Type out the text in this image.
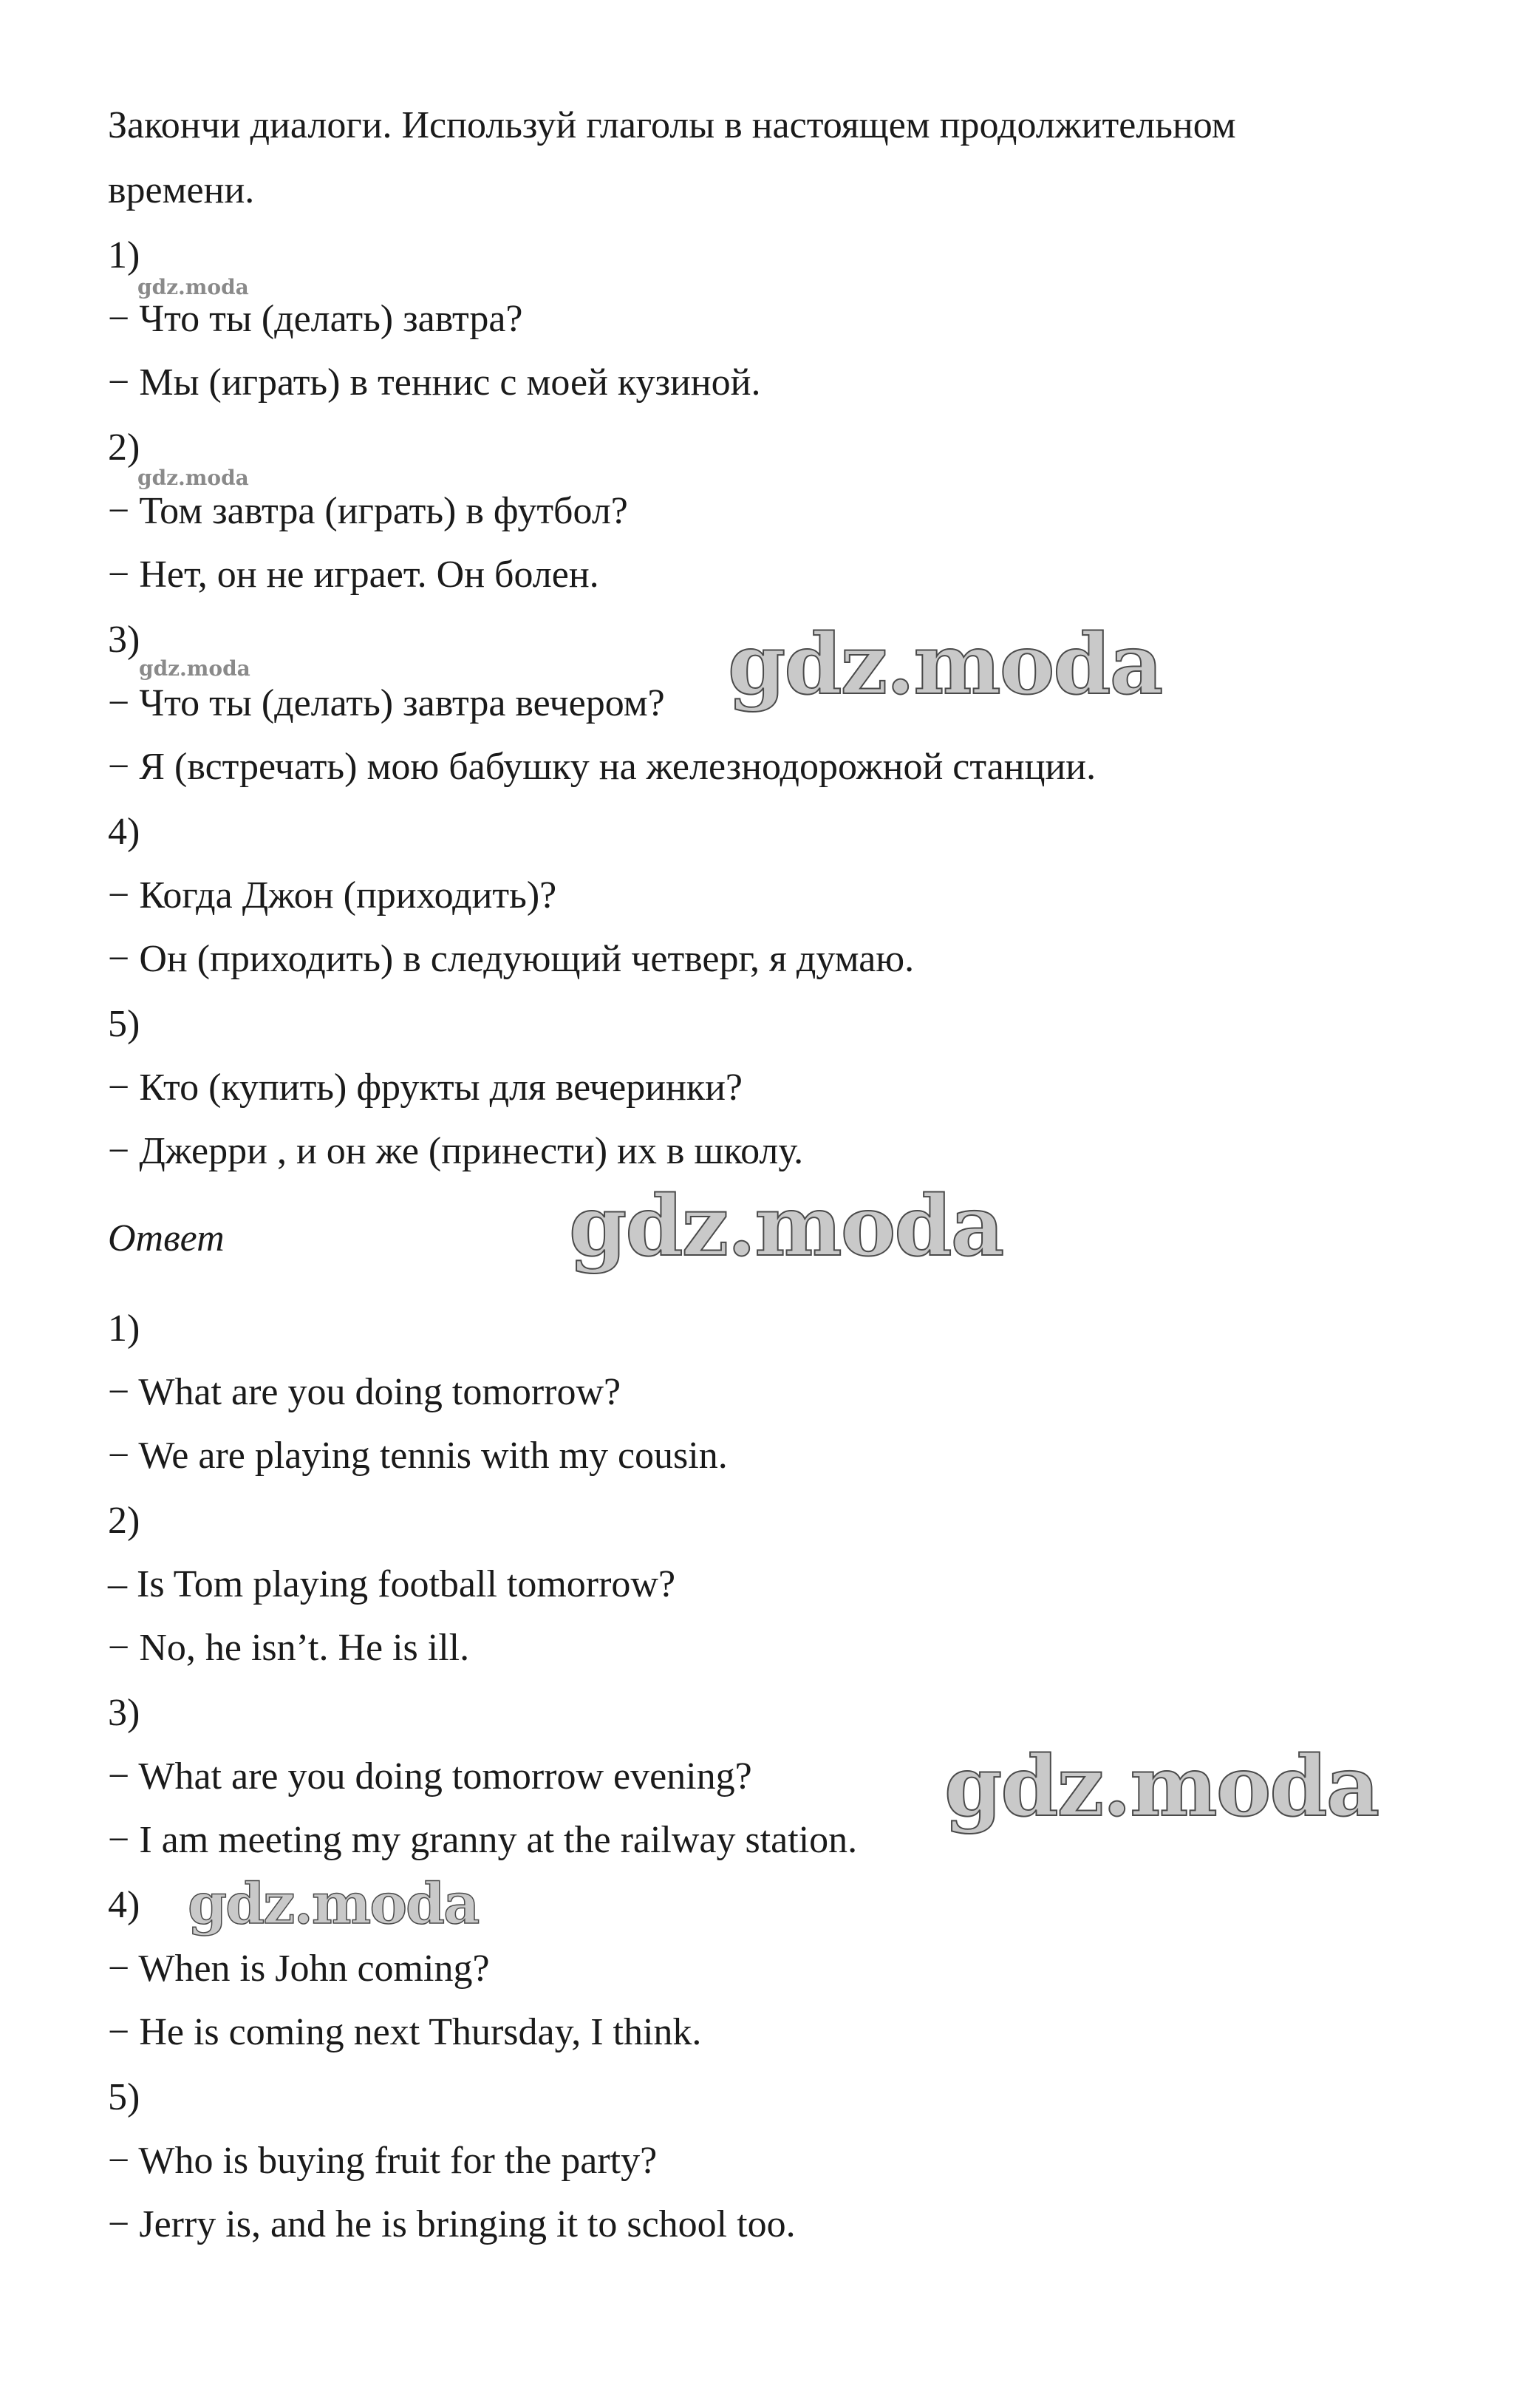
Закончи диалоги. Используй глаголы в настоящем продолжительном
времени.
1)
− Что ты (делать) завтра?
− Мы (играть) в теннис с моей кузиной.
2)
− Том завтра (играть) в футбол?
− Нет, он не играет. Он болен.
3)
− Что ты (делать) завтра вечером?
− Я (встречать) мою бабушку на железнодорожной станции.
4)
− Когда Джон (приходить)?
− Он (приходить) в следующий четверг, я думаю.
5)
− Кто (купить) фрукты для вечеринки?
− Джерри , и он же (принести) их в школу.
Ответ
1)
− What are you doing tomorrow?
− We are playing tennis with my cousin.
2)
– Is Tom playing football tomorrow?
− No, he isn’t. He is ill.
3)
− What are you doing tomorrow evening?
− I am meeting my granny at the railway station.
4)
− When is John coming?
− He is coming next Thursday, I think.
5)
− Who is buying fruit for the party?
− Jerry is, and he is bringing it to school too.
gdz.moda
gdz.moda
gdz.moda	gdz.moda
gdz.moda
gdz.moda
gdz.moda
